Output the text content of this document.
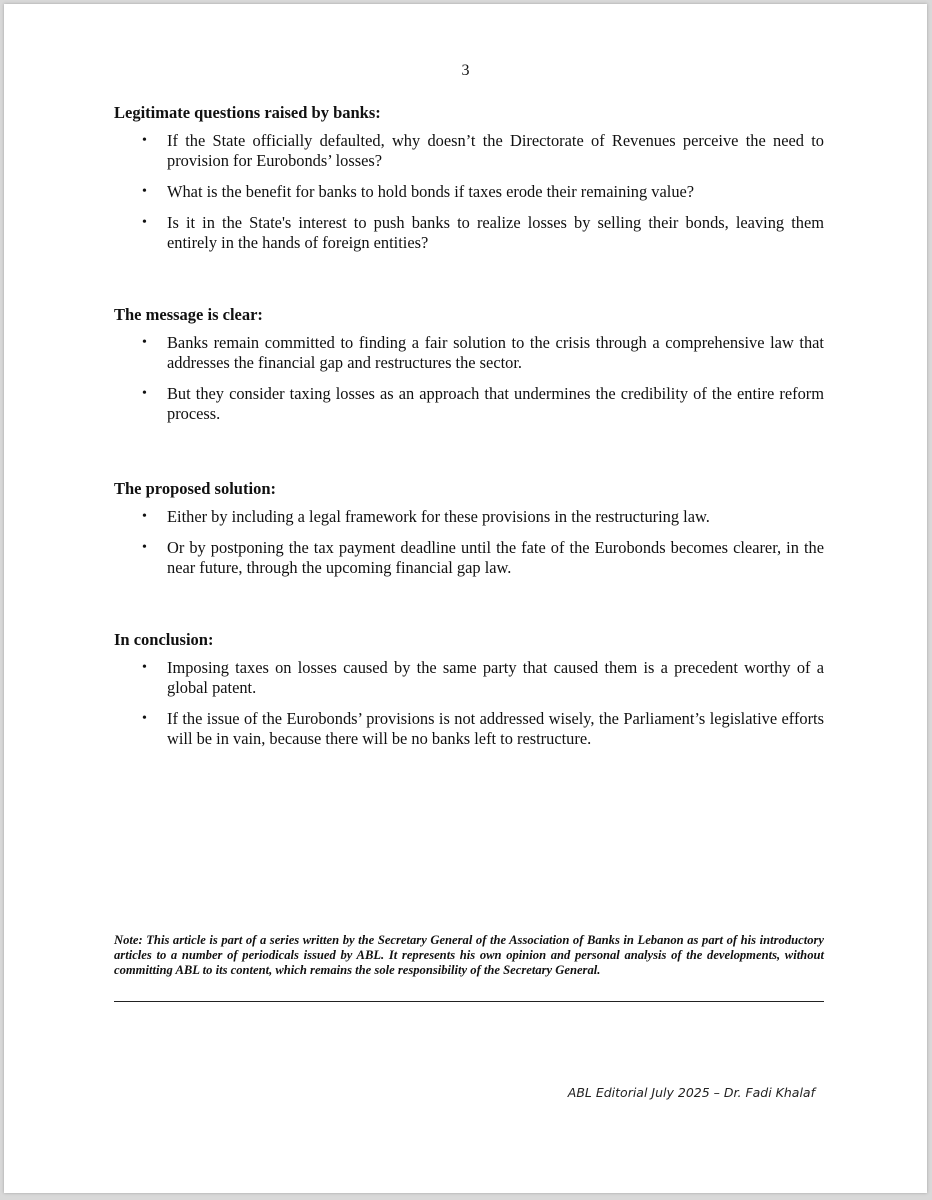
3
Legitimate questions raised by banks:
• If the State officially defaulted, why doesn’t the Directorate of Revenues perceive the need to provision for Eurobonds’ losses?
• What is the benefit for banks to hold bonds if taxes erode their remaining value?
• Is it in the State's interest to push banks to realize losses by selling their bonds, leaving them entirely in the hands of foreign entities?
The message is clear:
• Banks remain committed to finding a fair solution to the crisis through a comprehensive law that addresses the financial gap and restructures the sector.
• But they consider taxing losses as an approach that undermines the credibility of the entire reform process.
The proposed solution:
• Either by including a legal framework for these provisions in the restructuring law.
• Or by postponing the tax payment deadline until the fate of the Eurobonds becomes clearer, in the near future, through the upcoming financial gap law.
In conclusion:
• Imposing taxes on losses caused by the same party that caused them is a precedent worthy of a global patent.
• If the issue of the Eurobonds’ provisions is not addressed wisely, the Parliament’s legislative efforts will be in vain, because there will be no banks left to restructure.
Note: This article is part of a series written by the Secretary General of the Association of Banks in Lebanon as part of his introductory articles to a number of periodicals issued by ABL. It represents his own opinion and personal analysis of the developments, without committing ABL to its content, which remains the sole responsibility of the Secretary General.
ABL Editorial July 2025 – Dr. Fadi Khalaf
